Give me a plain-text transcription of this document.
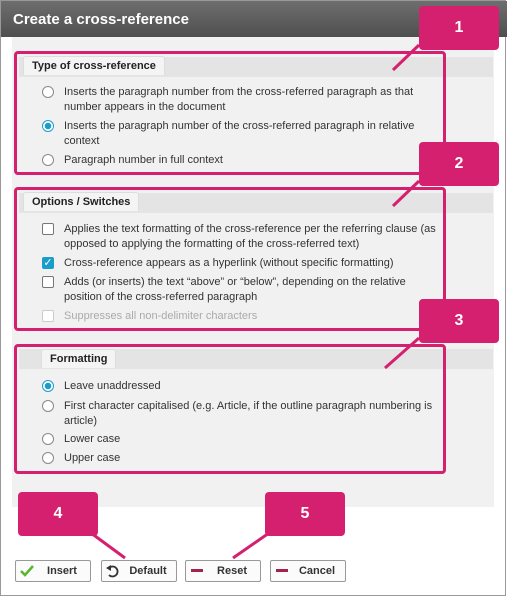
Create a cross-reference
Type of cross-reference
Inserts the paragraph number from the cross-referred paragraph as that
number appears in the document
Inserts the paragraph number of the cross-referred paragraph in relative
context
Paragraph number in full context
Options / Switches
Applies the text formatting of the cross-reference per the referring clause (as
opposed to applying the formatting of the cross-referred text)
✓ Cross-reference appears as a hyperlink (without specific formatting)
Adds (or inserts) the text “above” or “below”, depending on the relative
position of the cross-referred paragraph
Suppresses all non-delimiter characters
Formatting
Leave unaddressed
First character capitalised (e.g. Article, if the outline paragraph numbering is
article)
Lower case
Upper case
1
2
3
4	5
Insert	Default	Reset	Cancel
